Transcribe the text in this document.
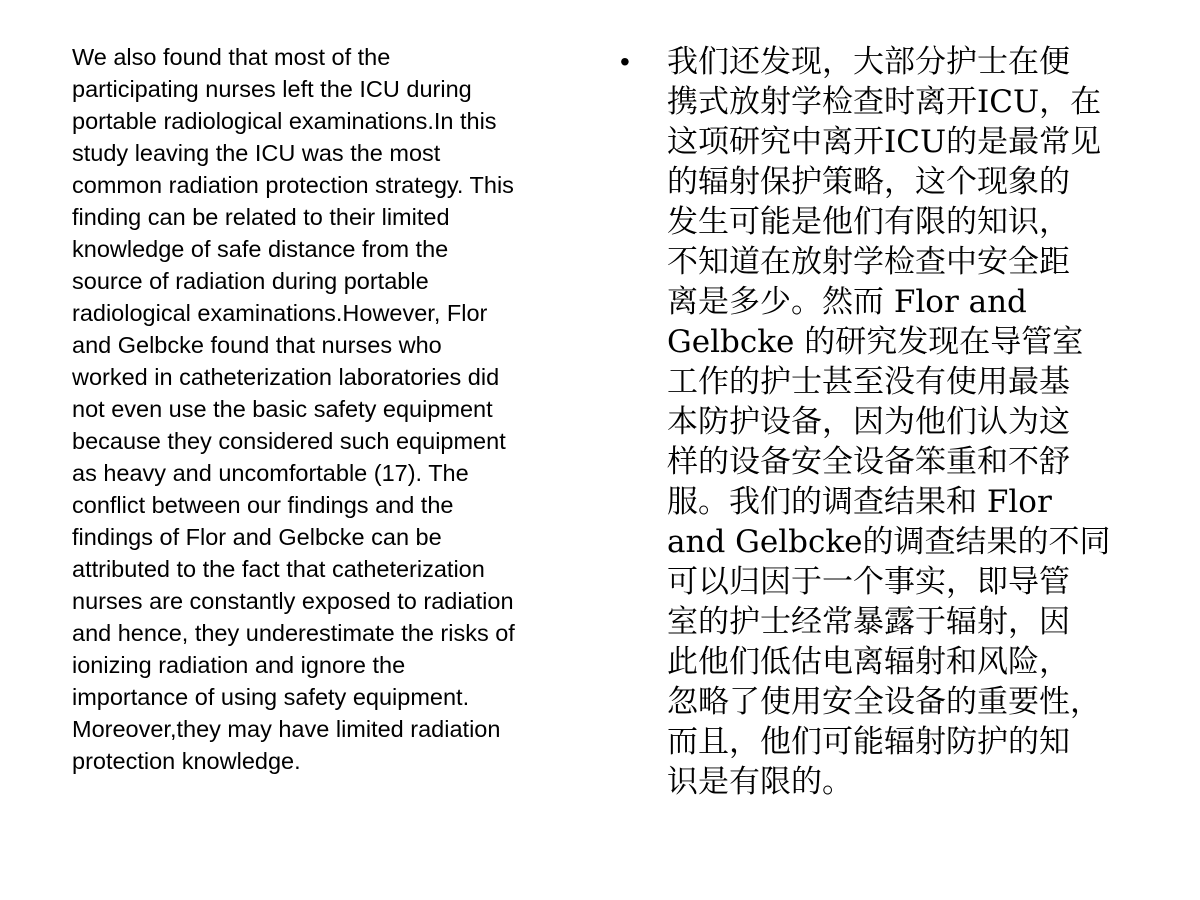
We also found that most of the
participating nurses left the ICU during
portable radiological examinations.In this
study leaving the ICU was the most
common radiation protection strategy. This
finding can be related to their limited
knowledge of safe distance from the
source of radiation during portable
radiological examinations.However, Flor
and Gelbcke found that nurses who
worked in catheterization laboratories did
not even use the basic safety equipment
because they considered such equipment
as heavy and uncomfortable (17). The
conflict between our findings and the
findings of Flor and Gelbcke can be
attributed to the fact that catheterization
nurses are constantly exposed to radiation
and hence, they underestimate the risks of
ionizing radiation and ignore the
importance of using safety equipment.
Moreover,they may have limited radiation
protection knowledge.
• 我们还发现，大部分护士在便
携式放射学检查时离开ICU，在
这项研究中离开ICU的是最常见
的辐射保护策略，这个现象的
发生可能是他们有限的知识，
不知道在放射学检查中安全距
离是多少。然而 Flor and
Gelbcke 的研究发现在导管室
工作的护士甚至没有使用最基
本防护设备，因为他们认为这
样的设备安全设备笨重和不舒
服。我们的调查结果和 Flor
and Gelbcke的调查结果的不同
可以归因于一个事实，即导管
室的护士经常暴露于辐射，因
此他们低估电离辐射和风险，
忽略了使用安全设备的重要性，
而且，他们可能辐射防护的知
识是有限的。
